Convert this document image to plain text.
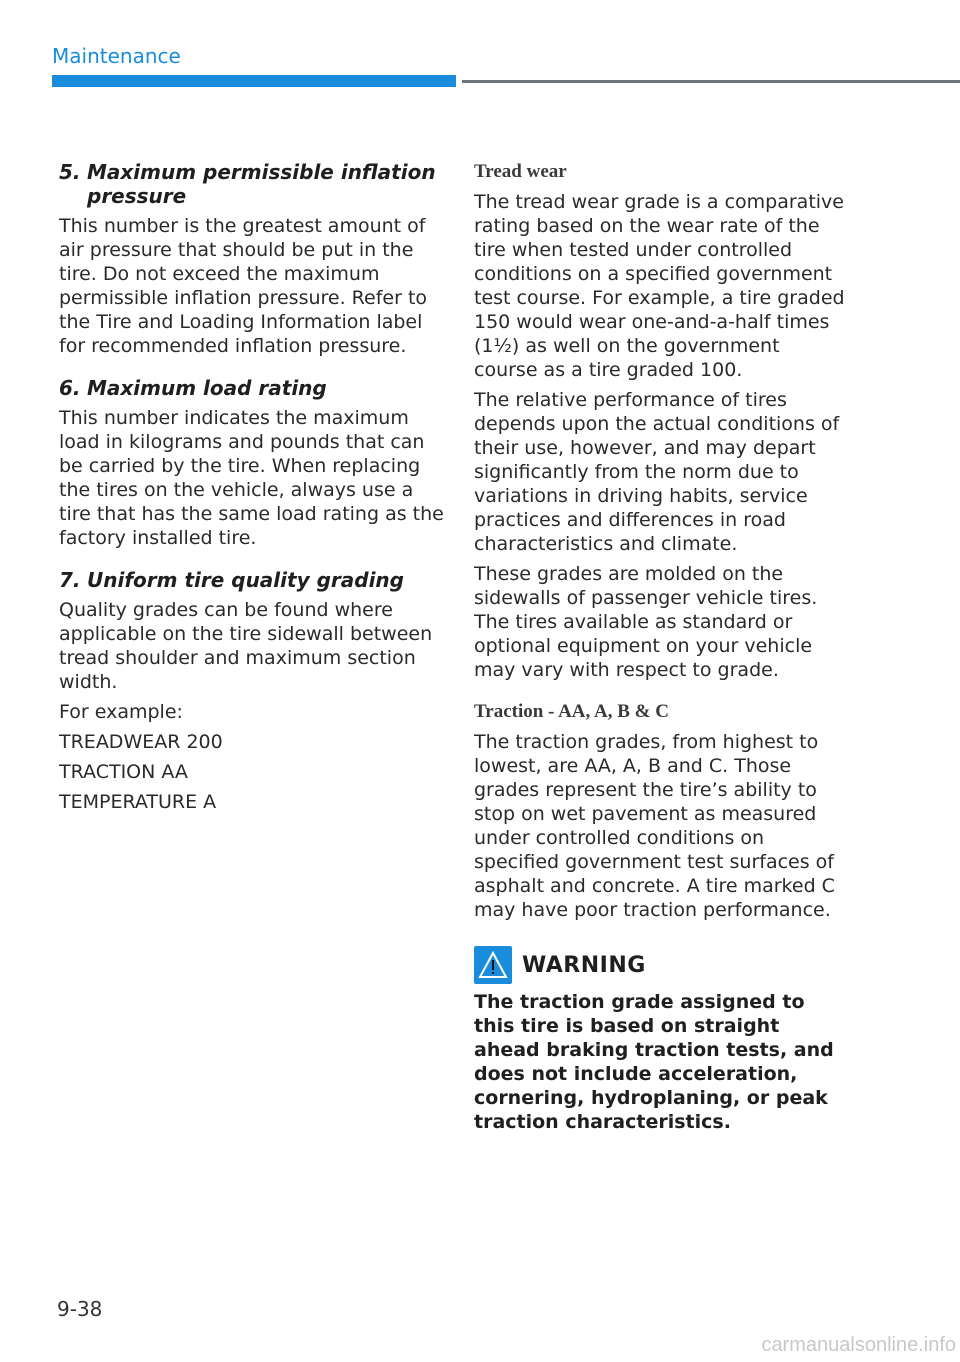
Maintenance
5. Maximum permissible inflation pressure

This number is the greatest amount of air pressure that should be put in the tire. Do not exceed the maximum permissible inflation pressure. Refer to the Tire and Loading Information label for recommended inflation pressure.

6. Maximum load rating

This number indicates the maximum load in kilograms and pounds that can be carried by the tire. When replacing the tires on the vehicle, always use a tire that has the same load rating as the factory installed tire.

7. Uniform tire quality grading

Quality grades can be found where applicable on the tire sidewall between tread shoulder and maximum section width.

For example:

TREADWEAR 200
TRACTION AA
TEMPERATURE A
Tread wear

The tread wear grade is a comparative rating based on the wear rate of the tire when tested under controlled conditions on a specified government test course. For example, a tire graded 150 would wear one-and-a-half times (1½) as well on the government course as a tire graded 100.

The relative performance of tires depends upon the actual conditions of their use, however, and may depart significantly from the norm due to variations in driving habits, service practices and differences in road characteristics and climate.

These grades are molded on the sidewalls of passenger vehicle tires. The tires available as standard or optional equipment on your vehicle may vary with respect to grade.

Traction - AA, A, B & C

The traction grades, from highest to lowest, are AA, A, B and C. Those grades represent the tire’s ability to stop on wet pavement as measured under controlled conditions on specified government test surfaces of asphalt and concrete. A tire marked C may have poor traction performance.

WARNING

The traction grade assigned to this tire is based on straight ahead braking traction tests, and does not include acceleration, cornering, hydroplaning, or peak traction characteristics.

9-38
carmanualsonline.info
